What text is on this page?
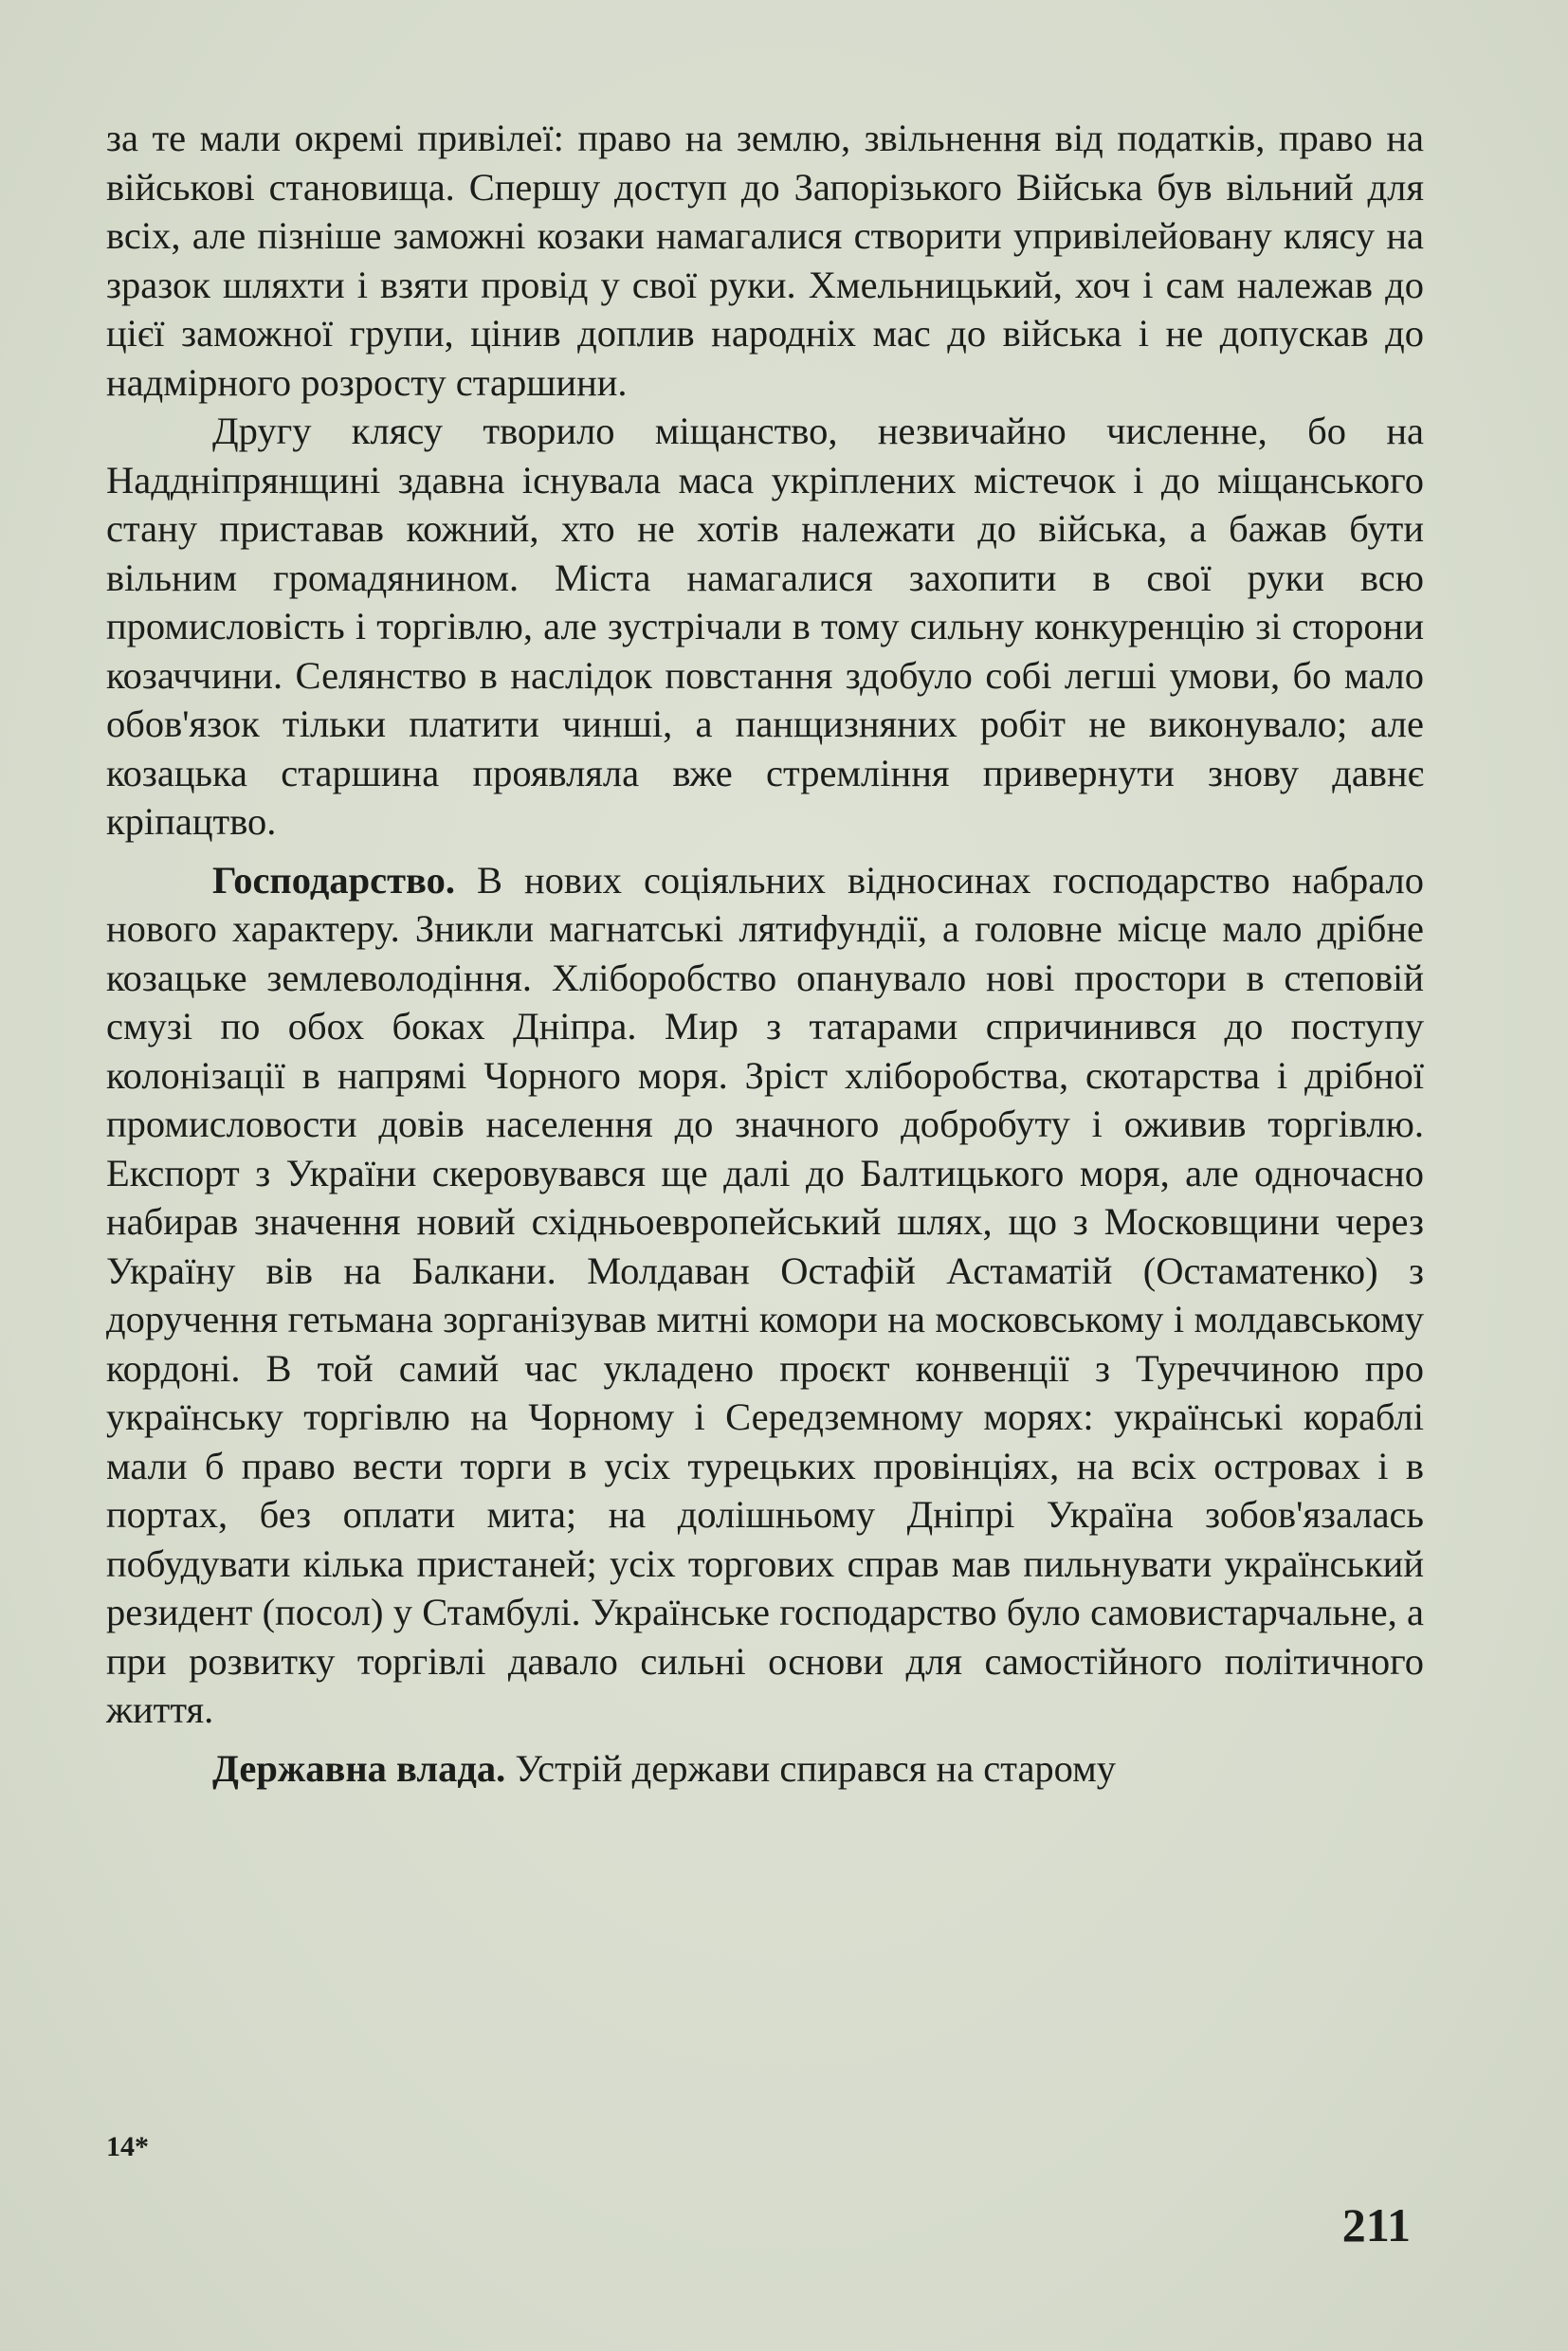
за те мали окремі привілеї: право на землю, звільнення від податків, право на військові становища. Спершу доступ до Запорізького Війська був вільний для всіх, але пізніше заможні козаки намагалися створити упривілейовану клясу на зразок шляхти і взяти провід у свої руки. Хмельницький, хоч і сам належав до цієї заможної групи, цінив доплив народніх мас до війська і не допускав до надмірного розросту старшини.

Другу клясу творило міщанство, незвичайно численне, бо на Наддніпрянщині здавна існувала маса укріплених містечок і до міщанського стану приставав кожний, хто не хотів належати до війська, а бажав бути вільним громадянином. Міста намагалися захопити в свої руки всю промисловість і торгівлю, але зустрічали в тому сильну конкуренцію зі сторони козаччини. Селянство в наслідок повстання здобуло собі легші умови, бо мало обов'язок тільки платити чинші, а панщизняних робіт не виконувало; але козацька старшина проявляла вже стремління привернути знову давнє кріпацтво.

Господарство. В нових соціяльних відносинах господарство набрало нового характеру. Зникли магнатські лятифундії, а головне місце мало дрібне козацьке землеволодіння. Хліборобство опанувало нові простори в степовій смузі по обох боках Дніпра. Мир з татарами спричинився до поступу колонізації в напрямі Чорного моря. Зріст хліборобства, скотарства і дрібної промисловости довів населення до значного добробуту і оживив торгівлю. Експорт з України скеровувався ще далі до Балтицького моря, але одночасно набирав значення новий східньоевропейський шлях, що з Московщини через Україну вів на Балкани. Молдаван Остафій Астаматій (Остаматенко) з доручення гетьмана зорганізував митні комори на московському і молдавському кордоні. В той самий час укладено проєкт конвенції з Туреччиною про українську торгівлю на Чорному і Середземному морях: українські кораблі мали б право вести торги в усіх турецьких провінціях, на всіх островах і в портах, без оплати мита; на долішньому Дніпрі Україна зобов'язалась побудувати кілька пристаней; усіх торгових справ мав пильнувати український резидент (посол) у Стамбулі. Українське господарство було самовистарчальне, а при розвитку торгівлі давало сильні основи для самостійного політичного життя.

Державна влада. Устрій держави спирався на старому

14*
211
